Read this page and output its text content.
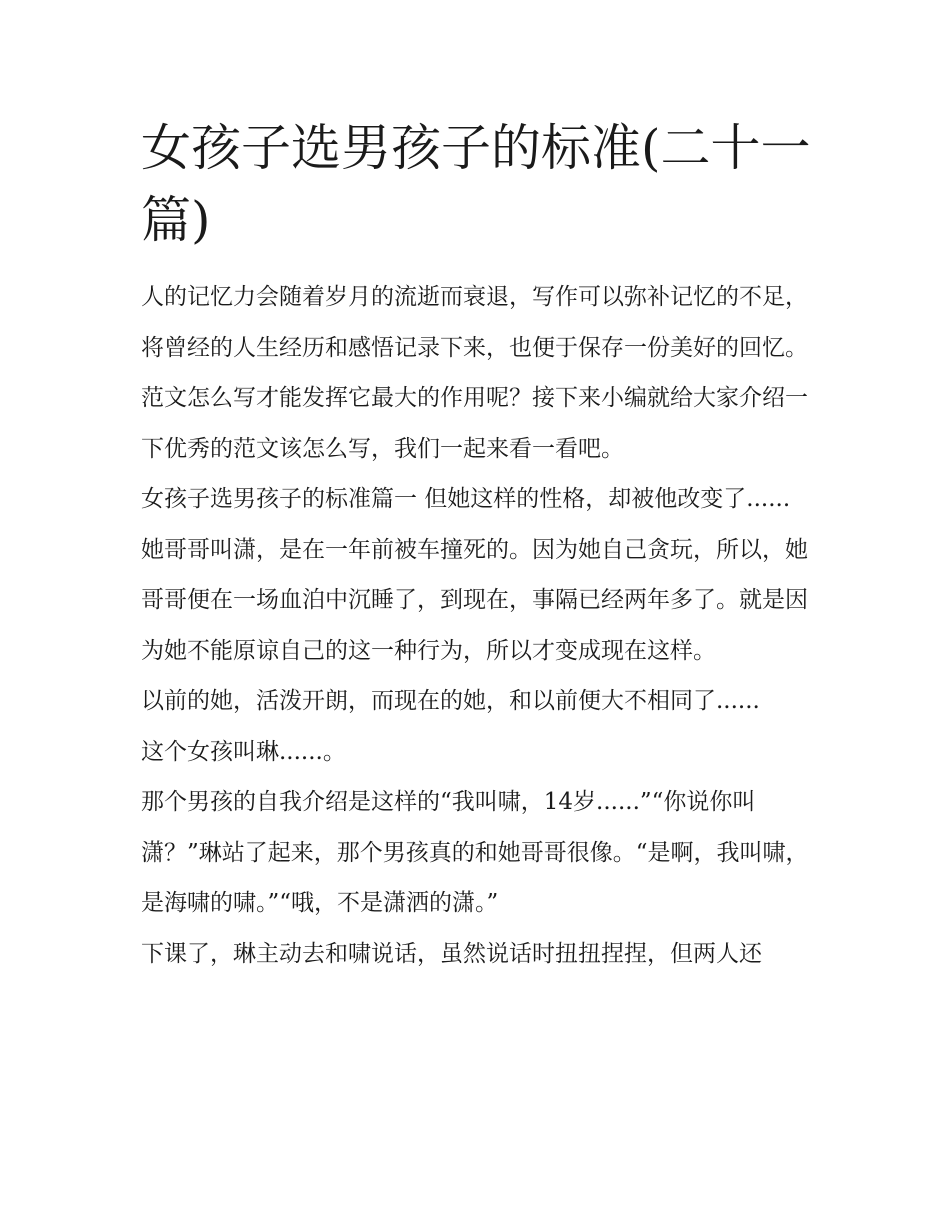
女孩子选男孩子的标准(二十一篇)

人的记忆力会随着岁月的流逝而衰退，写作可以弥补记忆的不足，将曾经的人生经历和感悟记录下来，也便于保存一份美好的回忆。范文怎么写才能发挥它最大的作用呢？接下来小编就给大家介绍一下优秀的范文该怎么写，我们一起来看一看吧。

女孩子选男孩子的标准篇一 但她这样的性格，却被他改变了......

她哥哥叫潇，是在一年前被车撞死的。因为她自己贪玩，所以，她哥哥便在一场血泊中沉睡了，到现在，事隔已经两年多了。就是因为她不能原谅自己的这一种行为，所以才变成现在这样。

以前的她，活泼开朗，而现在的她，和以前便大不相同了......

这个女孩叫琳......。

那个男孩的自我介绍是这样的“我叫啸，14岁......”“你说你叫潇？”琳站了起来，那个男孩真的和她哥哥很像。“是啊，我叫啸，是海啸的啸。”“哦，不是潇洒的潇。”

下课了，琳主动去和啸说话，虽然说话时扭扭捏捏，但两人还
